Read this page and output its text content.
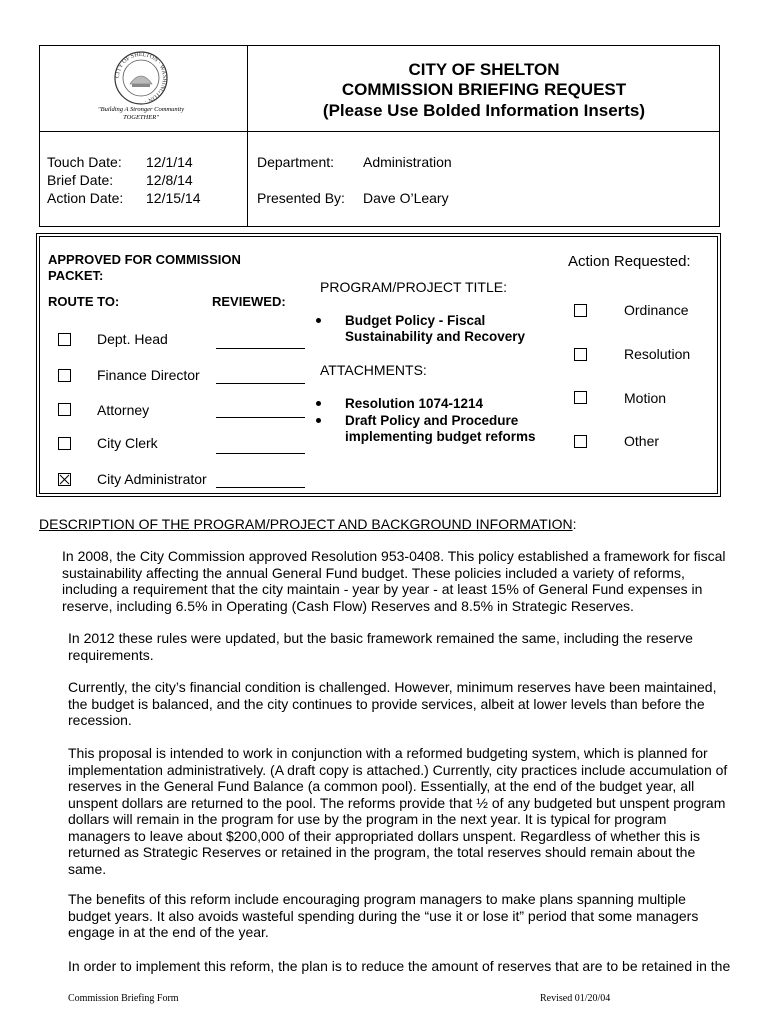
CITY OF SHELTON · WASHINGTON ·
"Building A Stronger Community
TOGETHER"
CITY OF SHELTON
COMMISSION BRIEFING REQUEST
(Please Use Bolded Information Inserts)
Touch Date: 12/1/14
Brief Date: 12/8/14
Action Date: 12/15/14
Department: Administration
Presented By: Dave O’Leary
APPROVED FOR COMMISSION
PACKET:
ROUTE TO:	REVIEWED:
Dept. Head
Finance Director
Attorney
City Clerk
City Administrator
PROGRAM/PROJECT TITLE:
Budget Policy - Fiscal
Sustainability and Recovery
ATTACHMENTS:
Resolution 1074-1214
Draft Policy and Procedure
implementing budget reforms
Action Requested:
Ordinance
Resolution
Motion
Other
DESCRIPTION OF THE PROGRAM/PROJECT AND BACKGROUND INFORMATION:
In 2008, the City Commission approved Resolution 953-0408. This policy established a framework for fiscal
sustainability affecting the annual General Fund budget. These policies included a variety of reforms,
including a requirement that the city maintain - year by year - at least 15% of General Fund expenses in
reserve, including 6.5% in Operating (Cash Flow) Reserves and 8.5% in Strategic Reserves.
In 2012 these rules were updated, but the basic framework remained the same, including the reserve
requirements.
Currently, the city’s financial condition is challenged. However, minimum reserves have been maintained,
the budget is balanced, and the city continues to provide services, albeit at lower levels than before the
recession.
This proposal is intended to work in conjunction with a reformed budgeting system, which is planned for
implementation administratively. (A draft copy is attached.) Currently, city practices include accumulation of
reserves in the General Fund Balance (a common pool). Essentially, at the end of the budget year, all
unspent dollars are returned to the pool. The reforms provide that ½ of any budgeted but unspent program
dollars will remain in the program for use by the program in the next year. It is typical for program
managers to leave about $200,000 of their appropriated dollars unspent. Regardless of whether this is
returned as Strategic Reserves or retained in the program, the total reserves should remain about the
same.
The benefits of this reform include encouraging program managers to make plans spanning multiple
budget years. It also avoids wasteful spending during the “use it or lose it” period that some managers
engage in at the end of the year.
In order to implement this reform, the plan is to reduce the amount of reserves that are to be retained in the
Commission Briefing Form	Revised 01/20/04
